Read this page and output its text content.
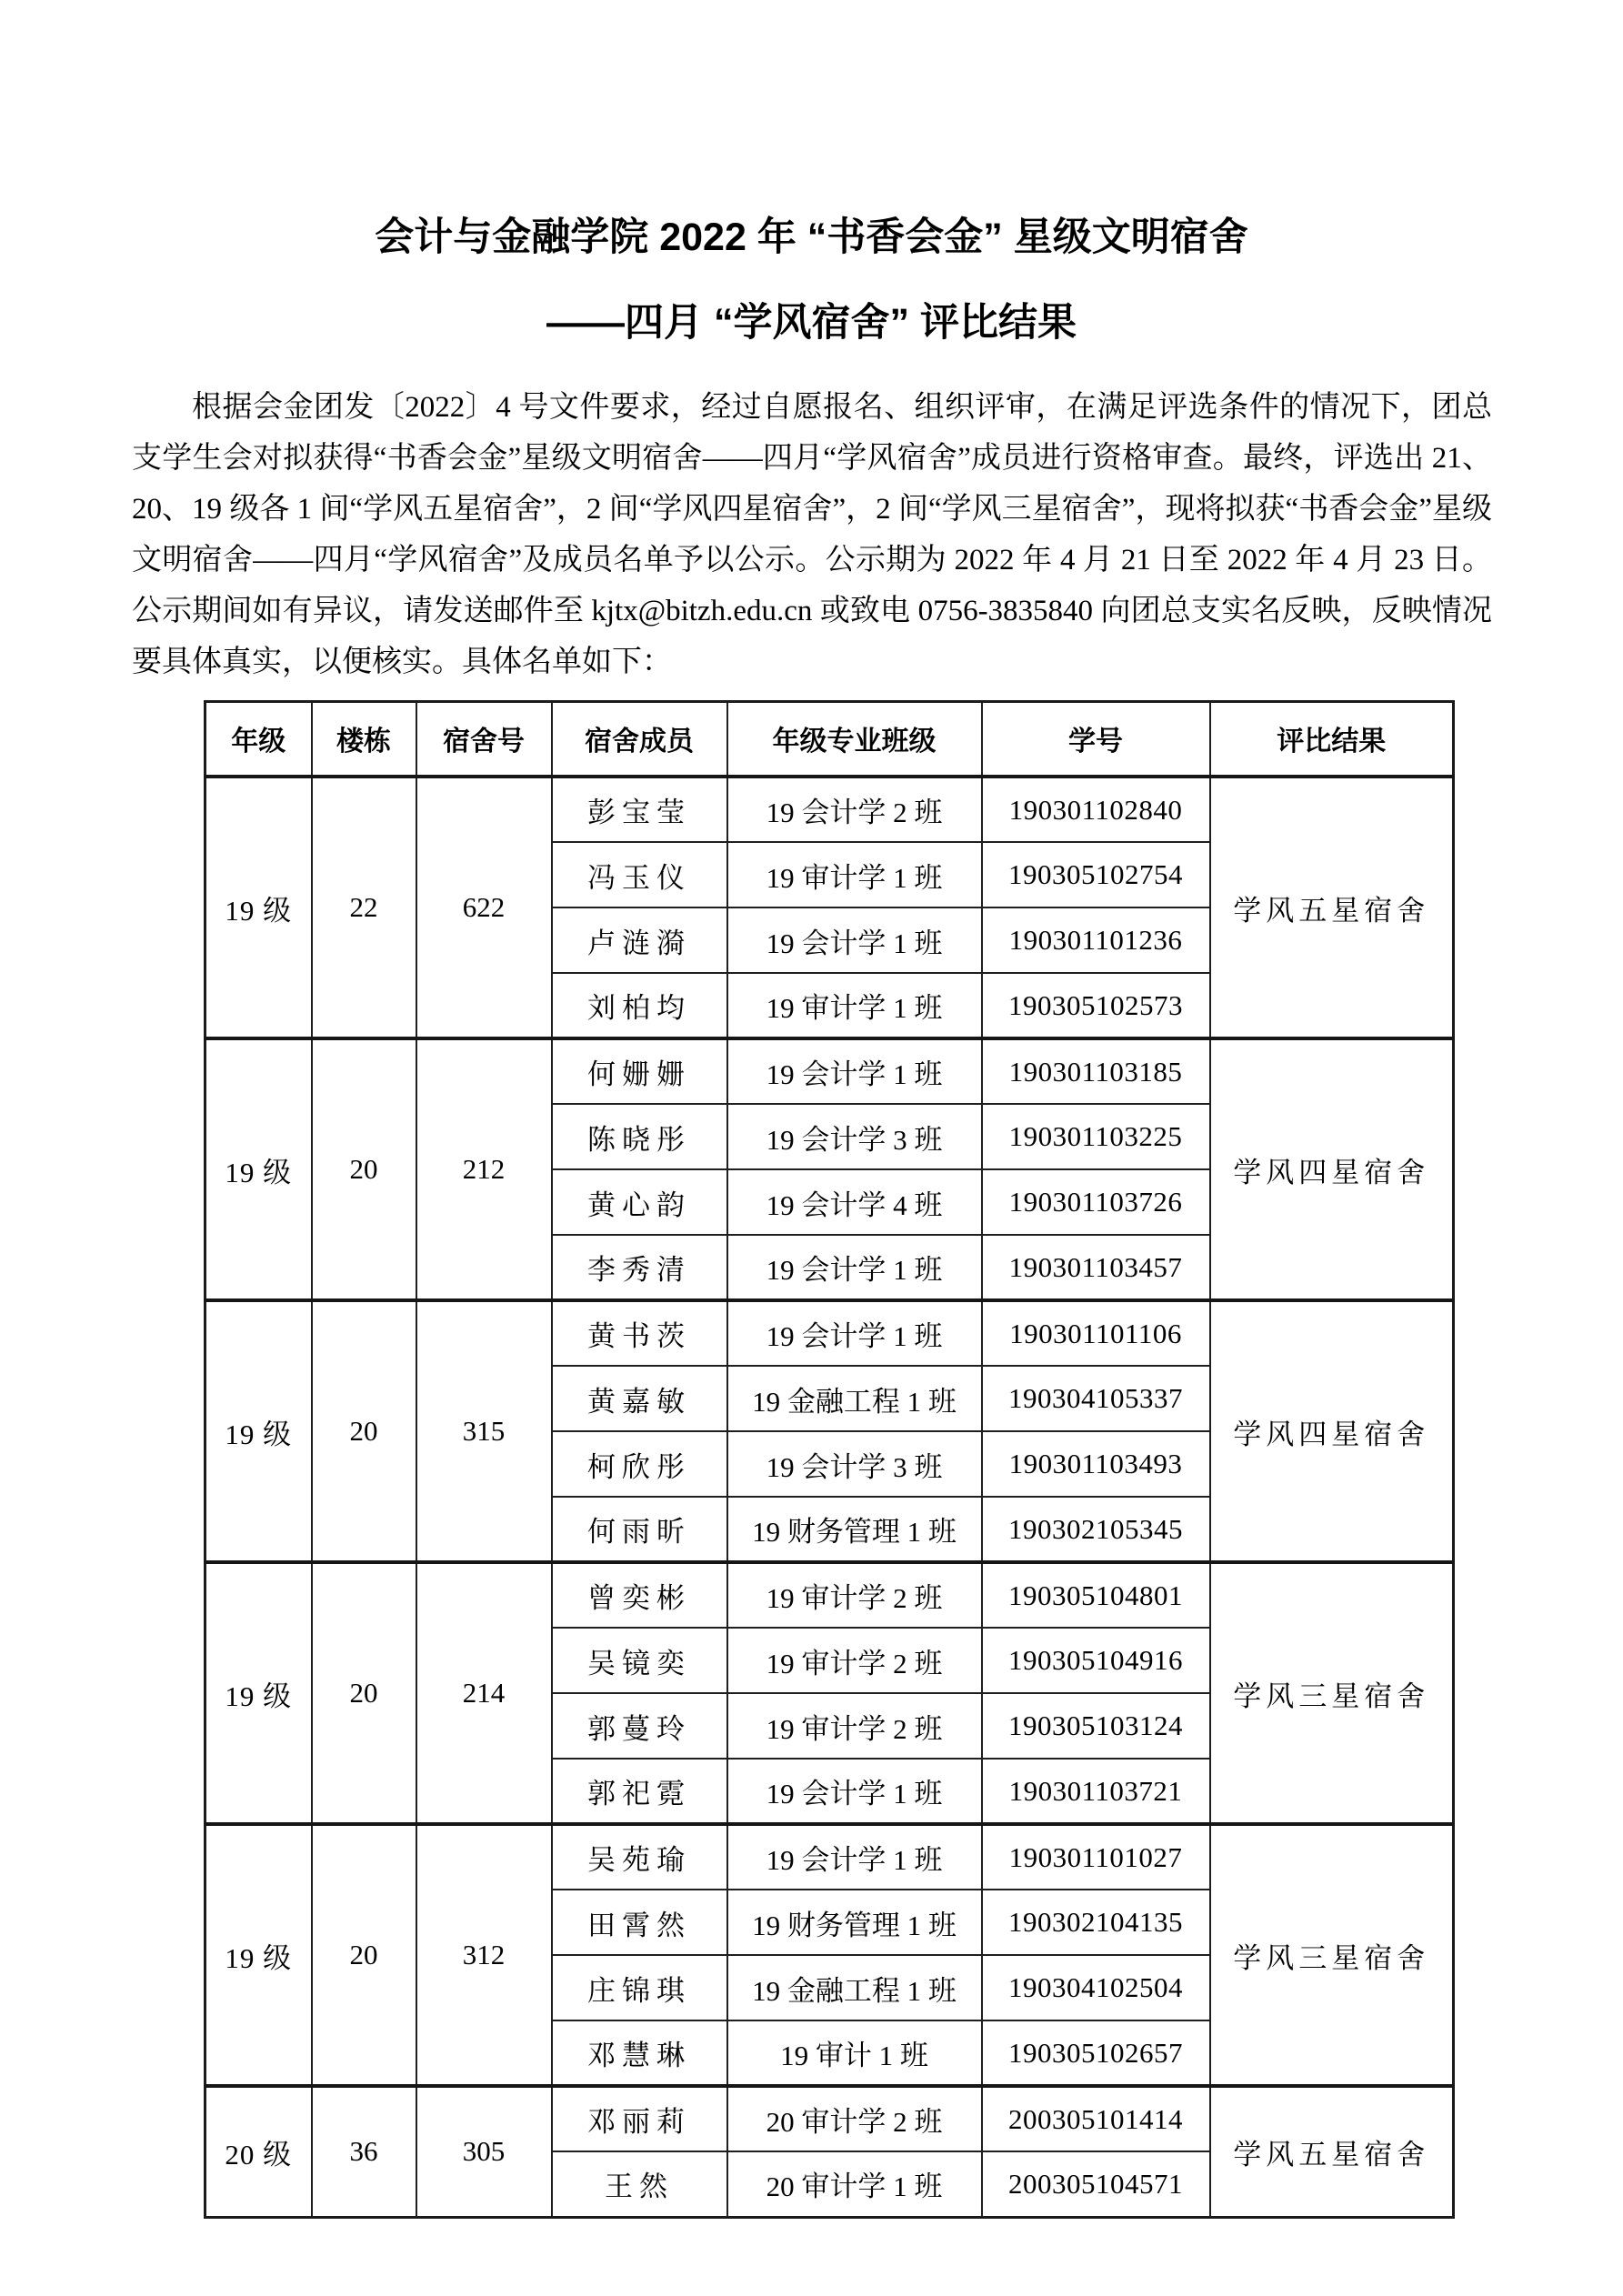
会计与金融学院 2022 年 “书香会金” 星级文明宿舍
——四月 “学风宿舍” 评比结果

根据会金团发〔2022〕4 号文件要求，经过自愿报名、组织评审，在满足评选条件的情况下，团总支学生会对拟获得“书香会金”星级文明宿舍——四月“学风宿舍”成员进行资格审查。最终，评选出 21、20、19 级各 1 间“学风五星宿舍”，2 间“学风四星宿舍”，2 间“学风三星宿舍”，现将拟获“书香会金”星级文明宿舍——四月“学风宿舍”及成员名单予以公示。公示期为 2022 年 4 月 21 日至 2022 年 4 月 23 日。公示期间如有异议，请发送邮件至 kjtx@bitzh.edu.cn 或致电 0756-3835840 向团总支实名反映，反映情况要具体真实，以便核实。具体名单如下：

年级	楼栋	宿舍号	宿舍成员	年级专业班级	学号	评比结果
19 级	22	622	彭宝莹	19 会计学 2 班	190301102840	学风五星宿舍
			冯玉仪	19 审计学 1 班	190305102754	
			卢涟漪	19 会计学 1 班	190301101236	
			刘柏均	19 审计学 1 班	190305102573	
19 级	20	212	何姗姗	19 会计学 1 班	190301103185	学风四星宿舍
			陈晓彤	19 会计学 3 班	190301103225	
			黄心韵	19 会计学 4 班	190301103726	
			李秀清	19 会计学 1 班	190301103457	
19 级	20	315	黄书茨	19 会计学 1 班	190301101106	学风四星宿舍
			黄嘉敏	19 金融工程 1 班	190304105337	
			柯欣彤	19 会计学 3 班	190301103493	
			何雨昕	19 财务管理 1 班	190302105345	
19 级	20	214	曾奕彬	19 审计学 2 班	190305104801	学风三星宿舍
			吴镜奕	19 审计学 2 班	190305104916	
			郭蔓玲	19 审计学 2 班	190305103124	
			郭祀霓	19 会计学 1 班	190301103721	
19 级	20	312	吴苑瑜	19 会计学 1 班	190301101027	学风三星宿舍
			田霄然	19 财务管理 1 班	190302104135	
			庄锦琪	19 金融工程 1 班	190304102504	
			邓慧琳	19 审计 1 班	190305102657	
20 级	36	305	邓丽莉	20 审计学 2 班	200305101414	学风五星宿舍
			王然	20 审计学 1 班	200305104571	
